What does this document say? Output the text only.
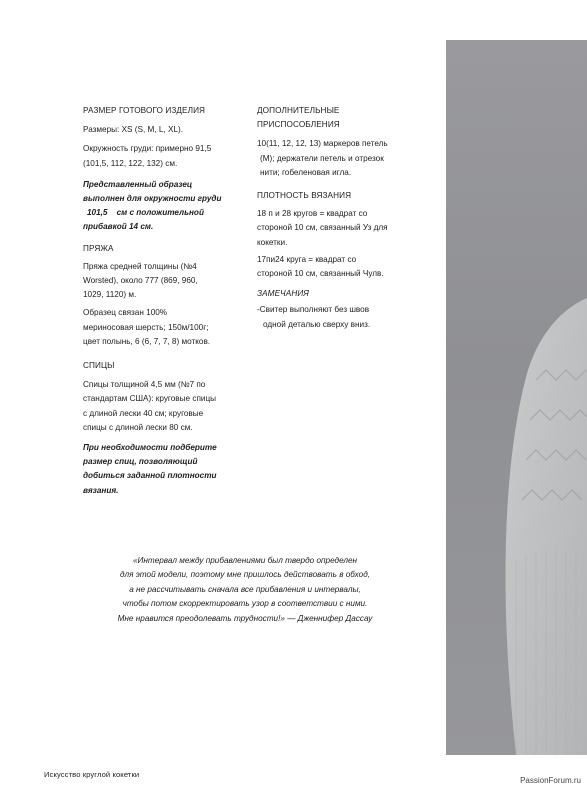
РАЗМЕР ГОТОВОГО ИЗДЕЛИЯ

Размеры: XS (S, M, L, XL).

Окружность груди: примерно 91,5

(101,5, 112, 122, 132) см.

Представленный образец

выполнен для окружности груди

101,5    см с положительной

прибавкой 14 см.

ПРЯЖА

Пряжа средней толщины (№4

Worsted), около 777 (869, 960,

1029, 1120) м.

Образец связан 100%

мериносовая шерсть; 150м/100г;

цвет полынь, 6 (6, 7, 7, 8) мотков.

СПИЦЫ

Спицы толщиной 4,5 мм (№7 по

стандартам США): круговые спицы

с длиной лески 40 см; круговые

спицы с длиной лески 80 см.

При необходимости подберите

размер спиц, позволяющий

добиться заданной плотности

вязания.

ДОПОЛНИТЕЛЬНЫЕ

ПРИСПОСОБЛЕНИЯ

10(11, 12, 12, 13) маркеров петель

(М); держатели петель и отрезок

нити; гобеленовая игла.

ПЛОТНОСТЬ ВЯЗАНИЯ

18 п и 28 кругов = квадрат со

стороной 10 см, связанный Уз для

кокетки.

17пи24 круга = квадрат со

стороной 10 см, связанный Чулв.

ЗАМЕЧАНИЯ

-Свитер выполняют без швов

одной деталью сверху вниз.

«Интервал между прибавлениями был твердо определен
для этой модели, поэтому мне пришлось действовать в обход,
а не рассчитывать сначала все прибавления и интервалы,
чтобы потом скорректировать узор в соответствии с ними.
Мне нравится преодолевать трудности!» — Дженнифер Дассау
Искусство круглой кокетки
PassionForum.ru
